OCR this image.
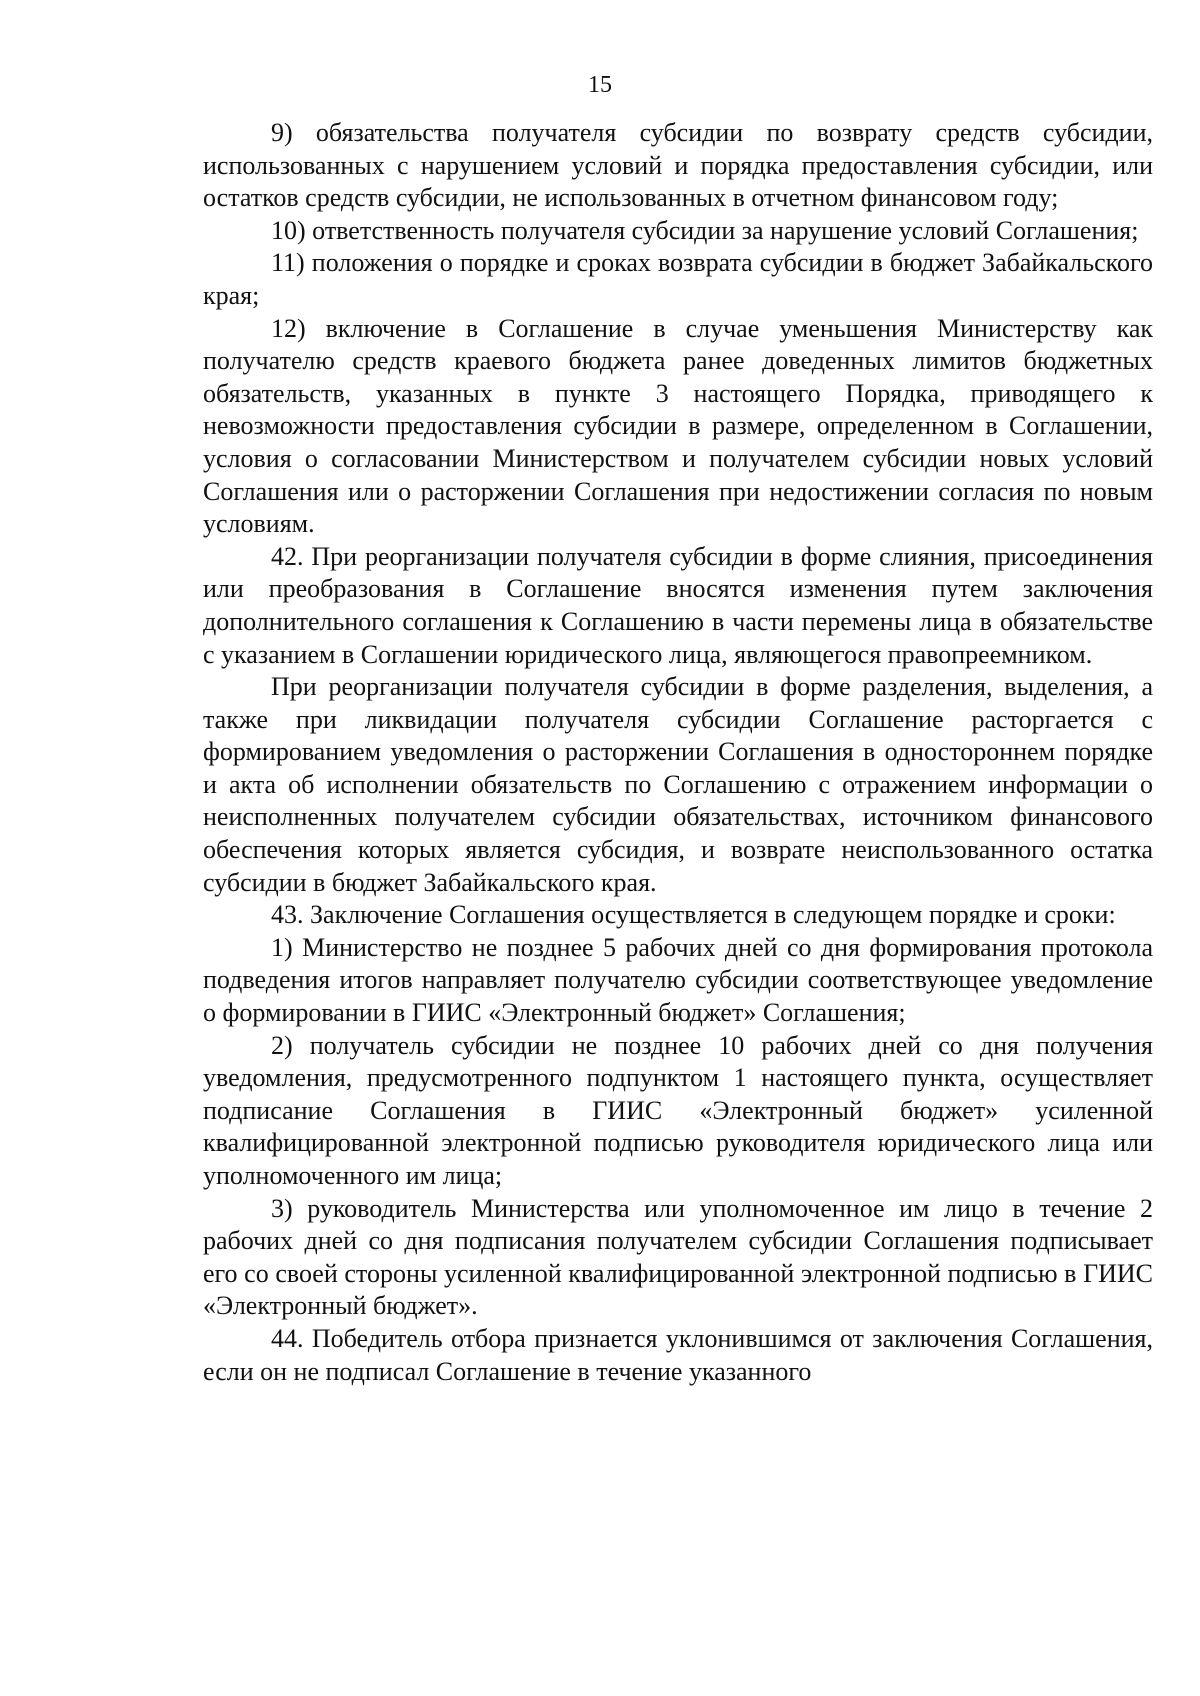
15

9) обязательства получателя субсидии по возврату средств субсидии, использованных с нарушением условий и порядка предоставления субсидии, или остатков средств субсидии, не использованных в отчетном финансовом году;

10) ответственность получателя субсидии за нарушение условий Соглашения;

11) положения о порядке и сроках возврата субсидии в бюджет Забайкальского края;

12) включение в Соглашение в случае уменьшения Министерству как получателю средств краевого бюджета ранее доведенных лимитов бюджетных обязательств, указанных в пункте 3 настоящего Порядка, приводящего к невозможности предоставления субсидии в размере, определенном в Соглашении, условия о согласовании Министерством и получателем субсидии новых условий Соглашения или о расторжении Соглашения при недостижении согласия по новым условиям.

42. При реорганизации получателя субсидии в форме слияния, присоединения или преобразования в Соглашение вносятся изменения путем заключения дополнительного соглашения к Соглашению в части перемены лица в обязательстве с указанием в Соглашении юридического лица, являющегося правопреемником.

При реорганизации получателя субсидии в форме разделения, выделения, а также при ликвидации получателя субсидии Соглашение расторгается с формированием уведомления о расторжении Соглашения в одностороннем порядке и акта об исполнении обязательств по Соглашению с отражением информации о неисполненных получателем субсидии обязательствах, источником финансового обеспечения которых является субсидия, и возврате неиспользованного остатка субсидии в бюджет Забайкальского края.

43. Заключение Соглашения осуществляется в следующем порядке и сроки:

1) Министерство не позднее 5 рабочих дней со дня формирования протокола подведения итогов направляет получателю субсидии соответствующее уведомление о формировании в ГИИС «Электронный бюджет» Соглашения;

2) получатель субсидии не позднее 10 рабочих дней со дня получения уведомления, предусмотренного подпунктом 1 настоящего пункта, осуществляет подписание Соглашения в ГИИС «Электронный бюджет» усиленной квалифицированной электронной подписью руководителя юридического лица или уполномоченного им лица;

3) руководитель Министерства или уполномоченное им лицо в течение 2 рабочих дней со дня подписания получателем субсидии Соглашения подписывает его со своей стороны усиленной квалифицированной электронной подписью в ГИИС «Электронный бюджет».

44. Победитель отбора признается уклонившимся от заключения Соглашения, если он не подписал Соглашение в течение указанного
